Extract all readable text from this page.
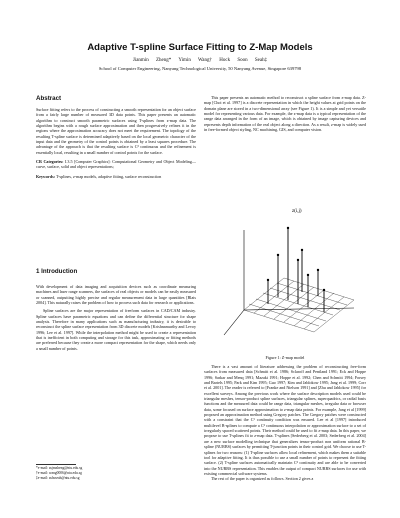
Adaptive T-spline Surface Fitting to Z-Map Models
Jianmin Zheng* Yimin Wang† Hock Soon Seah‡
School of Computer Engineering, Nanyang Technological University, 50 Nanyang Avenue, Singapore 639798
Abstract

Surface fitting refers to the process of constructing a smooth representation for an object surface from a fairly large number of measured 3D data points. This paper presents an automatic algorithm to construct smooth parametric surfaces using T-splines from z-map data. The algorithm begins with a rough surface approximation and then progressively refines it in the regions where the approximation accuracy does not meet the requirement. The topology of the resulting T-spline surface is determined adaptively based on the local geometric character of the input data and the geometry of the control points is obtained by a least squares procedure. The advantage of the approach is that the resulting surface is C² continuous and the refinement is essentially local, resulting in a small number of control points for the surface.

CR Categories: I.3.5 [Computer Graphics]: Computational Geometry and Object Modeling—curve, surface, solid and object representations;

Keywords: T-splines, z-map models, adaptive fitting, surface reconstruction

1 Introduction

With development of data imaging and acquisition devices such as coordinate measuring machines and laser range scanners, the surfaces of real objects or models can be easily measured or scanned, outputting highly precise and regular measurement data in large quantities [Blais 2004]. This naturally raises the problem of how to process such data for research or applications.

Spline surfaces are the major representation of freeform surfaces in CAD/CAM industry. Spline surfaces have parametric equations and can define the differential structure for shape analysis. Therefore in many applications such as manufacturing industry, it is desirable to reconstruct the spline surface representation from 3D discrete models [Krishnamurthy and Levoy 1996; Lee et al. 1997]. While the interpolation method might be used to create a representation that is inefficient in both computing and storage for this task, approximating or fitting methods are preferred because they create a more compact representation for the shape, which needs only a small number of points.

*e-mail: asjmzheng@ntu.edu.sg
†e-mail: wang0006@ntu.edu.sg
‡e-mail: ashsseah@ntu.edu.sg

This paper presents an automatic method to reconstruct a spline surface from z-map data. Z-map [Choi et al. 1997] is a discrete representation in which the height values at grid points on the domain plane are stored in a two-dimensional array (see Figure 1). It is a simple and yet versatile model for representing various data. For example, the z-map data is a typical representation of the range data arranged in the form of an image, which is obtained by image capturing devices and represents depth information of the real object along a direction. As a result, z-map is widely used in free-formed object styling, NC machining, GIS, and computer vision.

z(i,j)
Figure 1: Z-map model

There is a vast amount of literature addressing the problem of reconstructing free-form surfaces from measured data [Schmitt et al. 1986; Sclaroff and Pentland 1991; Eck and Hoppe 1996; Sarkar and Menq 1991; Mazaki 1991; Hoppe et al. 1992; Chen and Schmitt 1994; Forsey and Bartels 1995; Park and Kim 1995; Guo 1997; Kim and Jablokow 1995; Jang et al. 1999; Corr et al. 2001]. The reader is referred to [Franke and Nielson 1991] and [Zhu and Jablokow 1995] for excellent surveys. Among the previous work where the surface description models used could be triangular meshes, tensor-product spline surfaces, triangular splines, superquadrics, or radial basis functions and the measured data could be range data, triangular meshes, irregular data or browser data, some focused on surface approximation to z-map data points. For example, Jang et al [1999] proposed an approximation method using Gregory patches. The Gregory patches were constructed with a constraint that the C¹ continuity condition was ensured. Lee et al [1997] introduced multilevel B-splines to compute a C² continuous interpolation or approximation surface to a set of irregularly spaced scattered points. Their method could be used to fit z-map data. In this paper, we propose to use T-splines fit to z-map data. T-splines [Sederberg et al. 2003; Sederberg et al. 2004] are a new surface modelling technique that generalizes tensor-product non uniform rational B-spline (NURBS) surfaces by permitting T-junction points in their control grid. We choose to use T-splines for two reasons: (1) T-spline surfaces allow local refinement, which makes them a suitable tool for adaptive fitting. It is thus possible to use a small number of points to represent the fitting surface. (2) T-spline surfaces automatically maintain C² continuity and are able to be converted into the NURBS representation. This enables the output of compact NURBS surfaces for use with existing commercial software systems.

The rest of the paper is organized as follows. Section 2 gives a
